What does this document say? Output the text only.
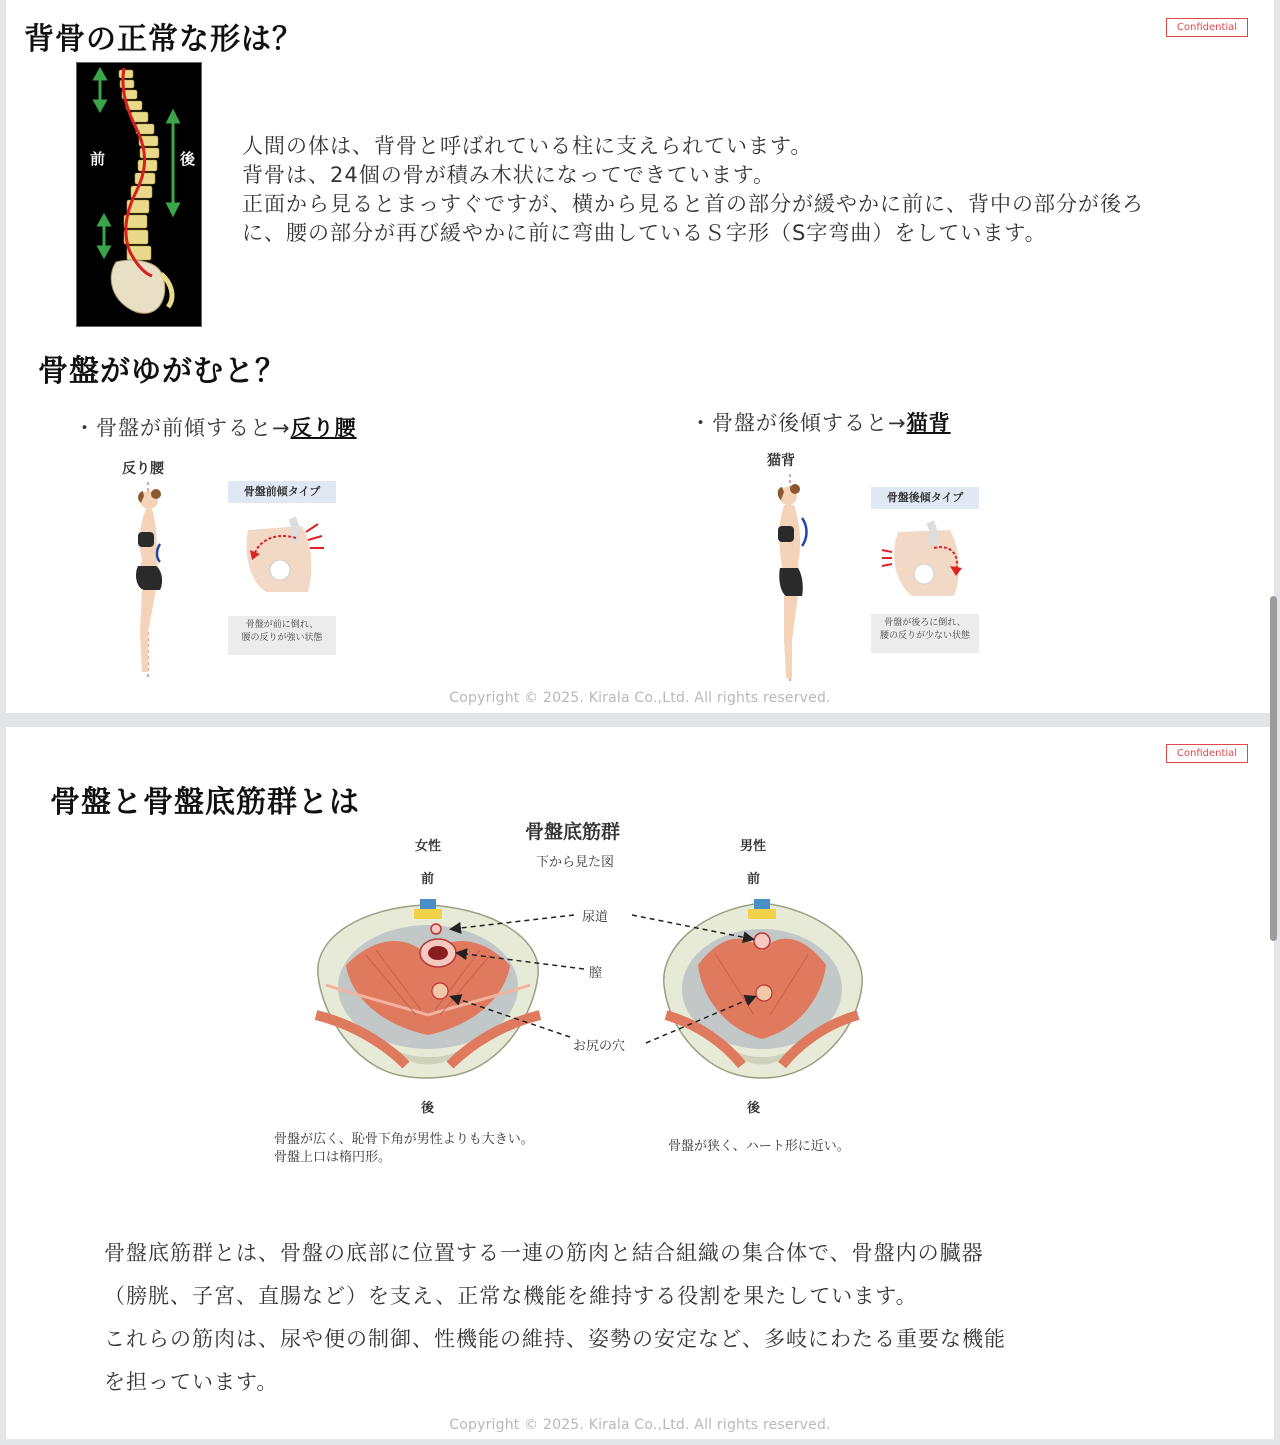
Confidential
背骨の正常な形は？
前	後
人間の体は、背骨と呼ばれている柱に支えられています。
背骨は、24個の骨が積み木状になってできています。
正面から見るとまっすぐですが、横から見ると首の部分が緩やかに前に、背中の部分が後ろ
に、腰の部分が再び緩やかに前に弯曲しているＳ字形（S字弯曲）をしています。
骨盤がゆがむと？
・骨盤が前傾すると→反り腰
反り腰
骨盤前傾タイプ
骨盤が前に倒れ、
腰の反りが強い状態
・骨盤が後傾すると→猫背
猫背
骨盤後傾タイプ
骨盤が後ろに倒れ、
腰の反りが少ない状態
Copyright © 2025. Kirala Co.,Ltd. All rights reserved.
Confidential
骨盤と骨盤底筋群とは
骨盤底筋群
下から見た図
女性	男性
前	前
尿道
膣
お尻の穴
後	後
骨盤が広く、恥骨下角が男性よりも大きい。
骨盤上口は楕円形。
骨盤が狭く、ハート形に近い。
骨盤底筋群とは、骨盤の底部に位置する一連の筋肉と結合組織の集合体で、骨盤内の臓器
（膀胱、子宮、直腸など）を支え、正常な機能を維持する役割を果たしています。
これらの筋肉は、尿や便の制御、性機能の維持、姿勢の安定など、多岐にわたる重要な機能
を担っています。
Copyright © 2025. Kirala Co.,Ltd. All rights reserved.
